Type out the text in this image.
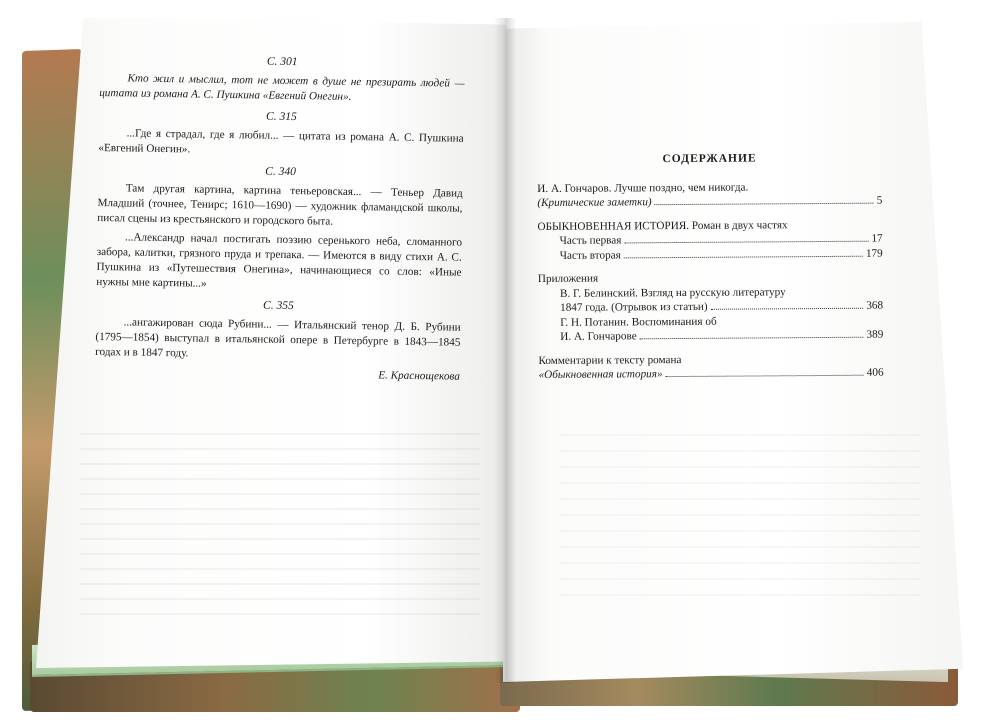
С. 301

Кто жил и мыслил, тот не может в душе не презирать людей — цитата из романа А. С. Пушкина «Евгений Онегин».

С. 315

...Где я страдал, где я любил... — цитата из романа А. С. Пушкина «Евгений Онегин».

С. 340

Там другая картина, картина теньеровская... — Теньер Давид Младший (точнее, Тенирс; 1610—1690) — художник фламандской школы, писал сцены из крестьянского и городского быта.

...Александр начал постигать поэзию серенького неба, сломанного забора, калитки, грязного пруда и трепака. — Имеются в виду стихи А. С. Пушкина из «Путешествия Онегина», начинающиеся со слов: «Иные нужны мне картины...»

С. 355

...ангажирован сюда Рубини... — Итальянский тенор Д. Б. Рубини (1795—1854) выступал в итальянской опере в Петербурге в 1843—1845 годах и в 1847 году.

Е. Краснощекова
СОДЕРЖАНИЕ
И. А. Гончаров. Лучше поздно, чем никогда.
(Критические заметки)	5
ОБЫКНОВЕННАЯ ИСТОРИЯ. Роман в двух частях
Часть первая	17
Часть вторая	179
Приложения
В. Г. Белинский. Взгляд на русскую литературу
1847 года. (Отрывок из статьи)	368
Г. Н. Потанин. Воспоминания об
И. А. Гончарове	389
Комментарии к тексту романа
«Обыкновенная история»	406
